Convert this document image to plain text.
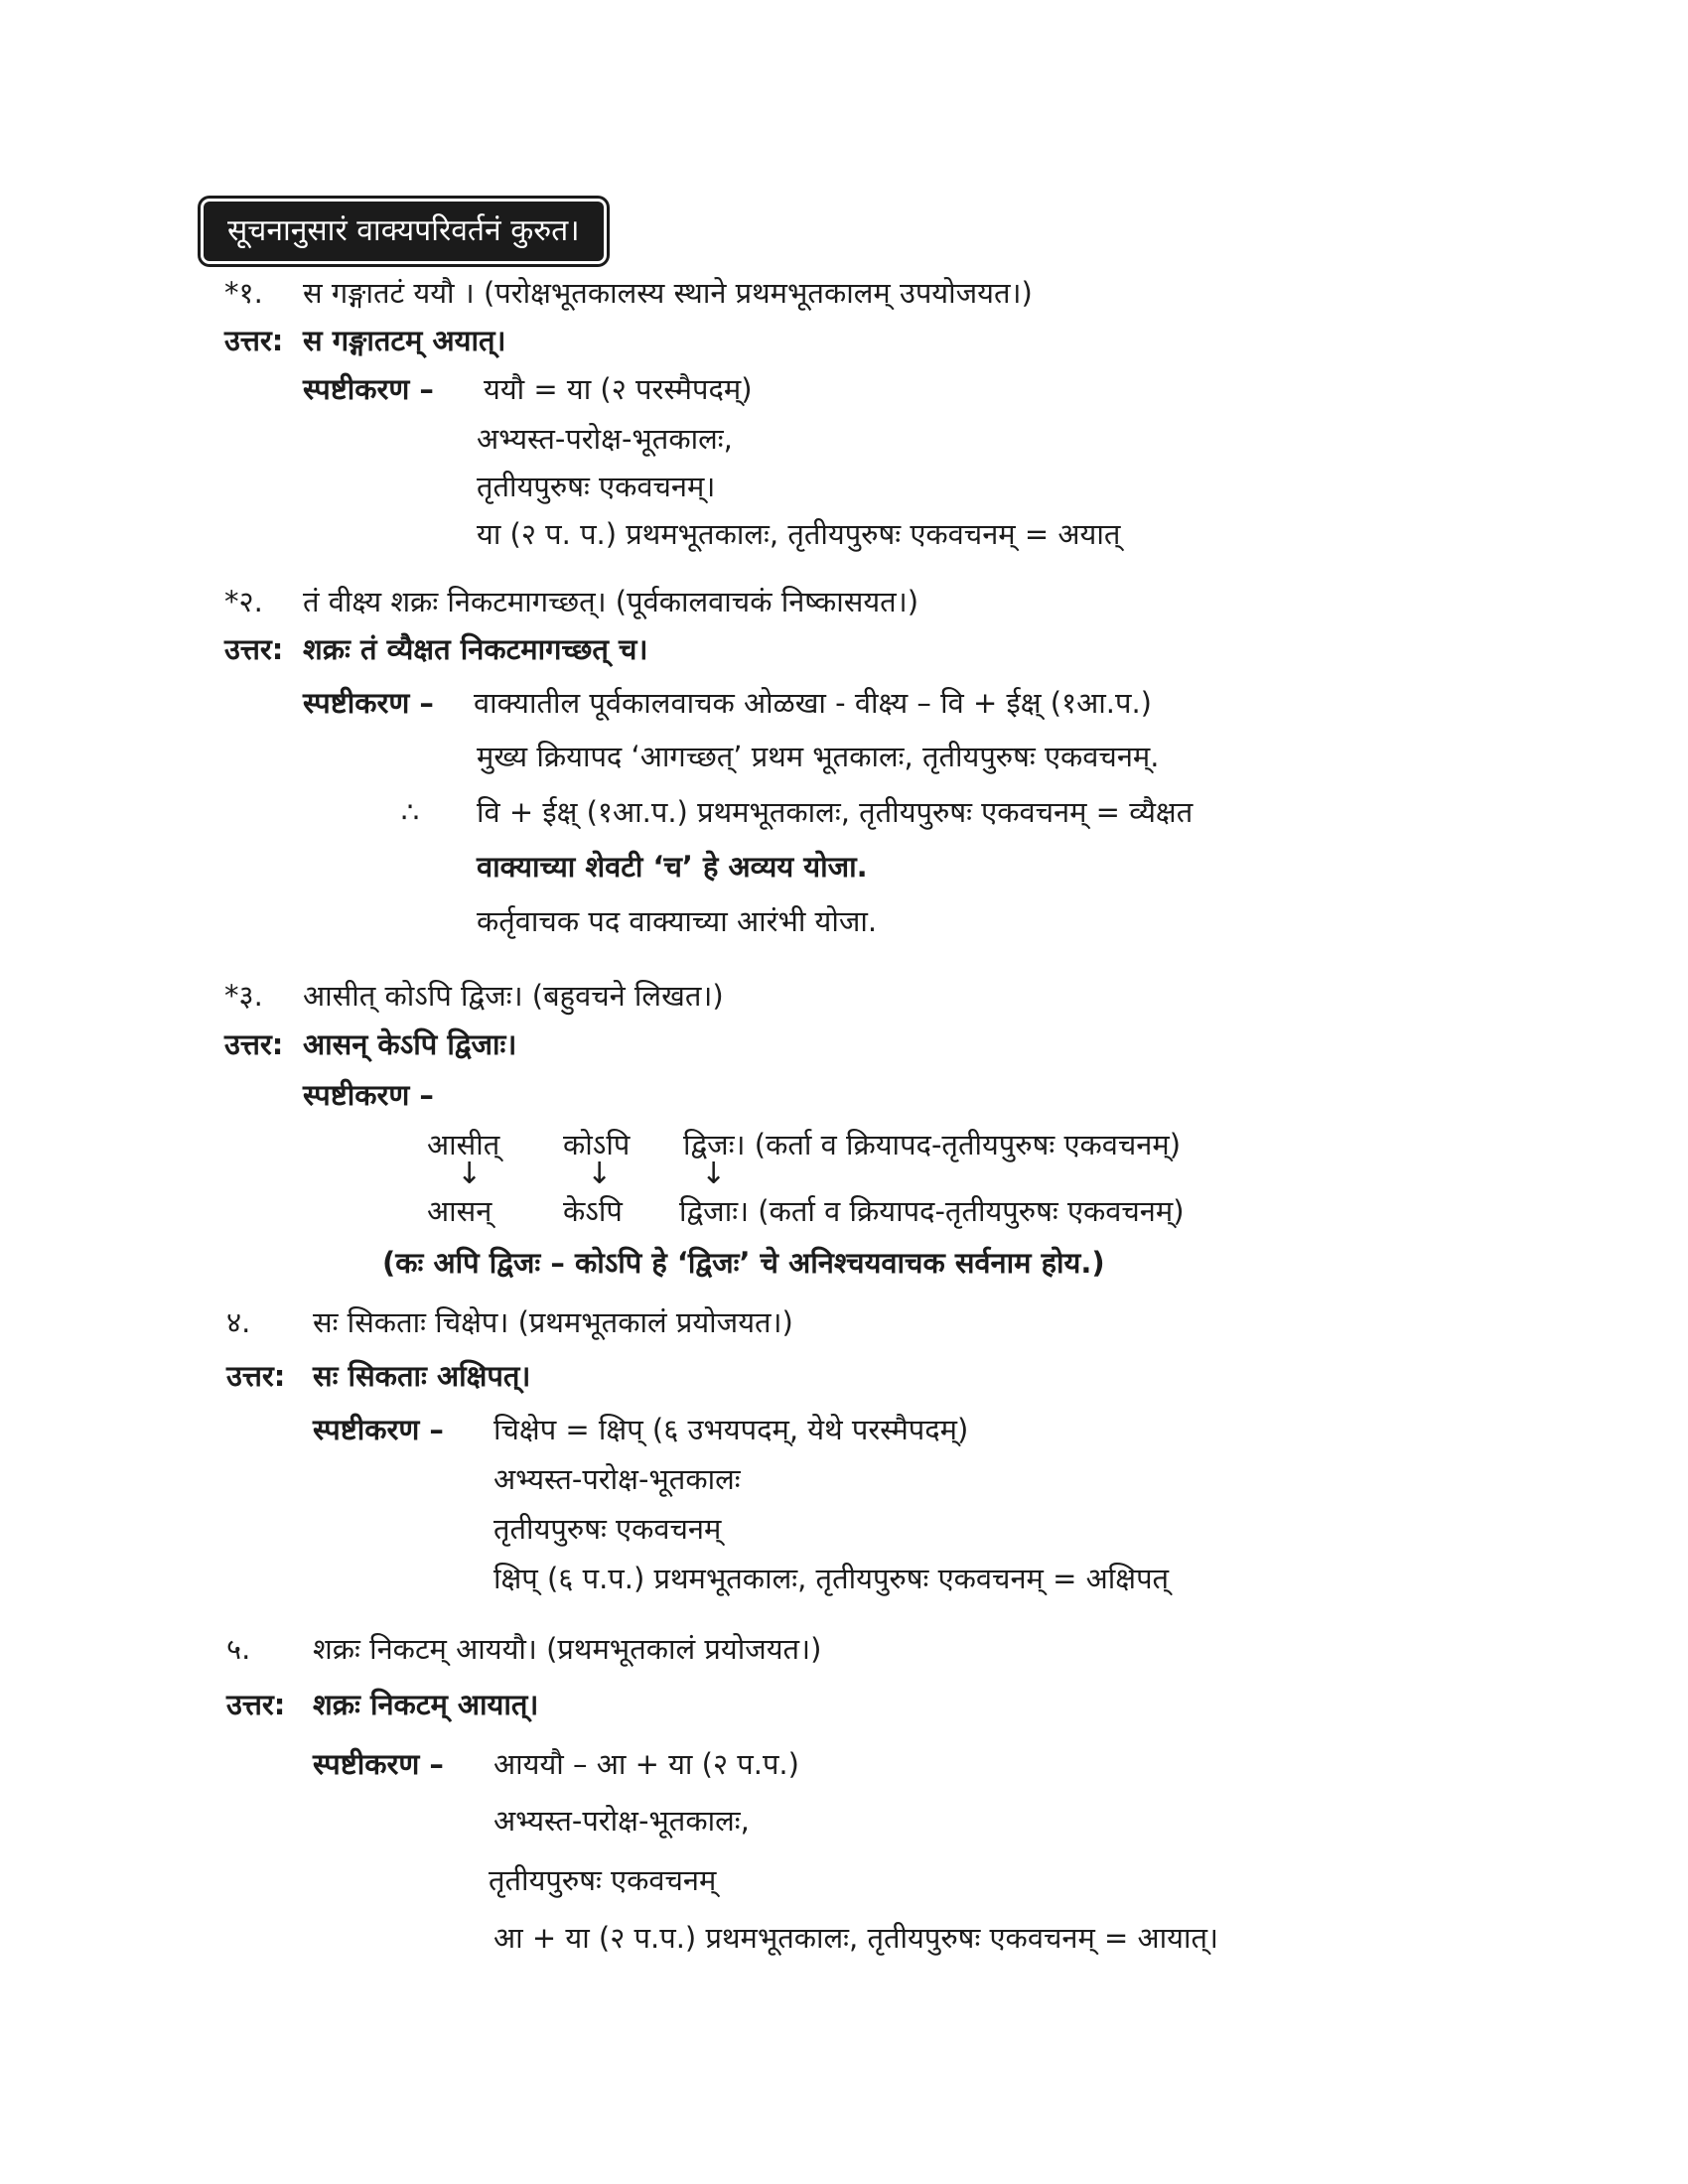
सूचनानुसारं वाक्यपरिवर्तनं कुरुत।
*१. स गङ्गातटं ययौ । (परोक्षभूतकालस्य स्थाने प्रथमभूतकालम् उपयोजयत।)
उत्तर: स गङ्गातटम् अयात्।
स्पष्टीकरण – ययौ = या (२ परस्मैपदम्)
अभ्यस्त-परोक्ष-भूतकालः,
तृतीयपुरुषः एकवचनम्।
या (२ प. प.) प्रथमभूतकालः, तृतीयपुरुषः एकवचनम् = अयात्
*२. तं वीक्ष्य शक्रः निकटमागच्छत्। (पूर्वकालवाचकं निष्कासयत।)
उत्तर: शक्रः तं व्यैक्षत निकटमागच्छत् च।
स्पष्टीकरण – वाक्यातील पूर्वकालवाचक ओळखा - वीक्ष्य – वि + ईक्ष् (१आ.प.)
मुख्य क्रियापद ‘आगच्छत्’ प्रथम भूतकालः, तृतीयपुरुषः एकवचनम्.
∴ वि + ईक्ष् (१आ.प.) प्रथमभूतकालः, तृतीयपुरुषः एकवचनम् = व्यैक्षत
वाक्याच्या शेवटी ‘च’ हे अव्यय योजा.
कर्तृवाचक पद वाक्याच्या आरंभी योजा.
*३. आसीत् कोऽपि द्विजः। (बहुवचने लिखत।)
उत्तर: आसन् केऽपि द्विजाः।
स्पष्टीकरण –
आसीत् कोऽपि द्विजः। (कर्ता व क्रियापद-तृतीयपुरुषः एकवचनम्)
↓	↓	↓
आसन् केऽपि द्विजाः। (कर्ता व क्रियापद-तृतीयपुरुषः एकवचनम्)
(कः अपि द्विजः – कोऽपि हे ‘द्विजः’ चे अनिश्चयवाचक सर्वनाम होय.)
४. सः सिकताः चिक्षेप। (प्रथमभूतकालं प्रयोजयत।)
उत्तर: सः सिकताः अक्षिपत्।
स्पष्टीकरण – चिक्षेप = क्षिप् (६ उभयपदम्, येथे परस्मैपदम्)
अभ्यस्त-परोक्ष-भूतकालः
तृतीयपुरुषः एकवचनम्
क्षिप् (६ प.प.) प्रथमभूतकालः, तृतीयपुरुषः एकवचनम् = अक्षिपत्
५. शक्रः निकटम् आययौ। (प्रथमभूतकालं प्रयोजयत।)
उत्तर: शक्रः निकटम् आयात्।
स्पष्टीकरण – आययौ – आ + या (२ प.प.)
अभ्यस्त-परोक्ष-भूतकालः,
तृतीयपुरुषः एकवचनम्
आ + या (२ प.प.) प्रथमभूतकालः, तृतीयपुरुषः एकवचनम् = आयात्।
